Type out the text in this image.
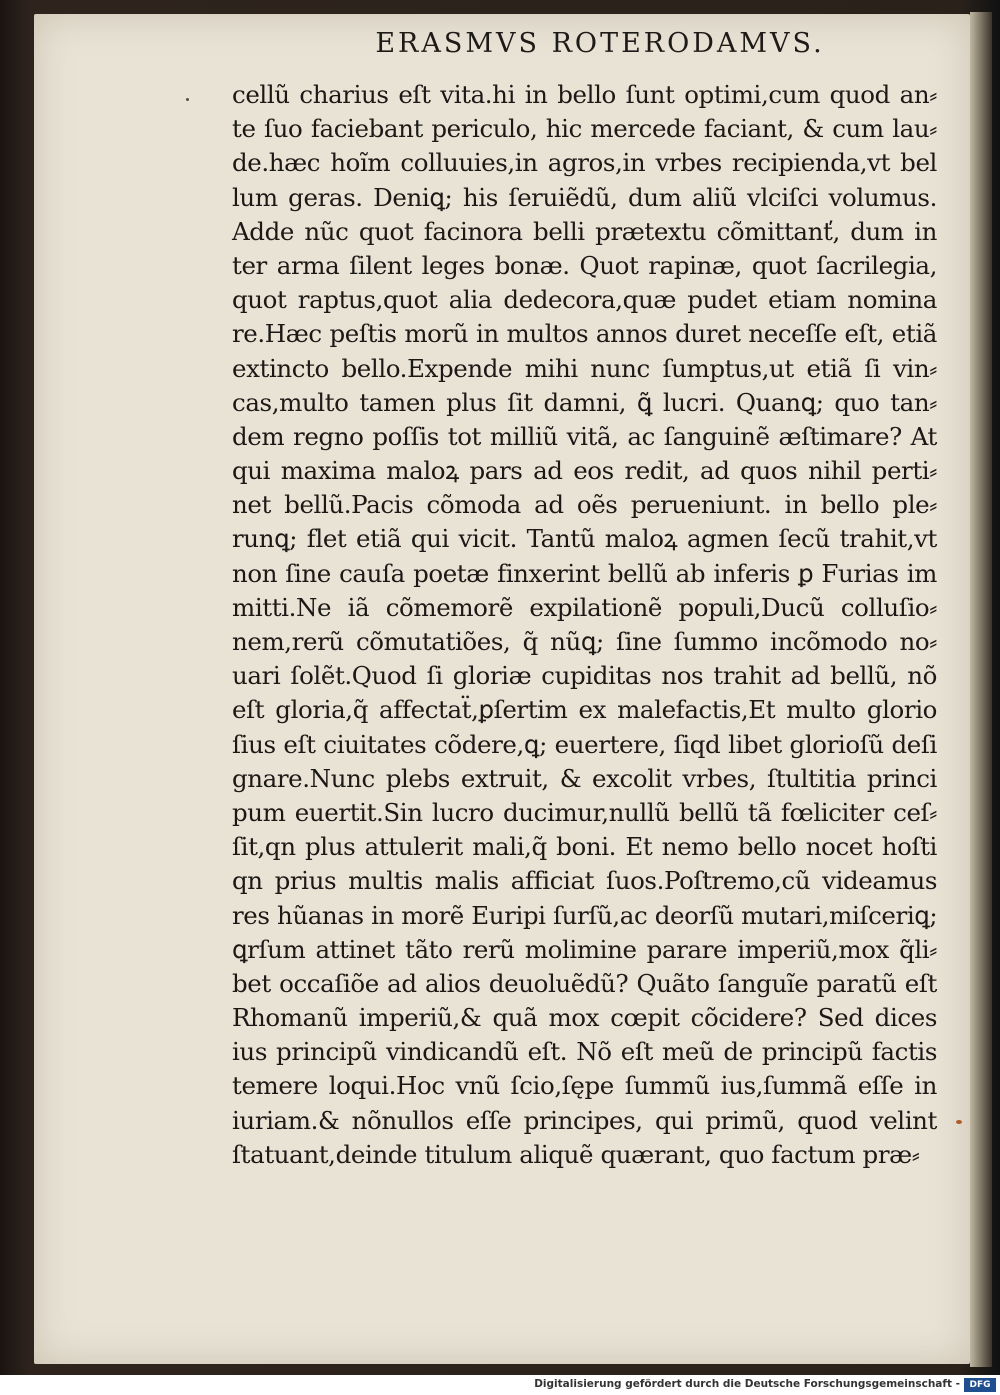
ERASMVS ROTERODAMVS.
cellũ charius eſt vita.hi in bello ſunt optimi,cum quod an⸗
te ſuo faciebant periculo, hic mercede faciant, & cum lau⸗
de.hæc hoĩm colluuies,in agros,in vrbes recipienda,vt bel
lum geras. Deniꝗ; his ſeruiẽdũ, dum aliũ vlciſci volumus.
Adde nũc quot facinora belli prætextu cõmittanť, dum in
ter arma ſilent leges bonæ. Quot rapinæ, quot ſacrilegia,
quot raptus,quot alia dedecora,quæ pudet etiam nomina
re.Hæc peſtis morũ in multos annos duret neceſſe eſt, etiã
extincto bello.Expende mihi nunc ſumptus,ut etiã ſi vin⸗
cas,multo tamen plus ſit damni, ꝗ̃ lucri. Quanꝗ; quo tan⸗
dem regno poſſis tot milliũ vitã, ac ſanguinẽ æſtimare? At
qui maxima maloꝝ pars ad eos redit, ad quos nihil perti⸗
net bellũ.Pacis cõmoda ad oẽs perueniunt. in bello ple⸗
runꝗ; flet etiã qui vicit. Tantũ maloꝝ agmen ſecũ trahit,vt
non ſine cauſa poetæ finxerint bellũ ab inferis ꝑ Furias im
mitti.Ne iã cõmemorẽ expilationẽ populi,Ducũ colluſio⸗
nem,rerũ cõmutatiões, q̃ nũꝗ; ſine ſummo incõmodo no⸗
uari ſolẽt.Quod ſi gloriæ cupiditas nos trahit ad bellũ, nõ
eſt gloria,q̃ affectaẗ,ꝑſertim ex malefactis,Et multo glorio
ſius eſt ciuitates cõdere,ꝗ; euertere, ſiqd libet glorioſũ deſi
gnare.Nunc plebs extruit, & excolit vrbes, ſtultitia princi
pum euertit.Sin lucro ducimur,nullũ bellũ tã fœliciter ceſ⸗
ſit,qn plus attulerit mali,q̃ boni. Et nemo bello nocet hoſti
qn prius multis malis afficiat ſuos.Poſtremo,cũ videamus
res hũanas in morẽ Euripi ſurſũ,ac deorſũ mutari,miſceriꝗ;
ꝗrſum attinet tãto rerũ molimine parare imperiũ,mox q̃li⸗
bet occaſiõe ad alios deuoluẽdũ? Quãto ſanguĩe paratũ eſt
Rhomanũ imperiũ,& quã mox cœpit cõcidere? Sed dices
ius principũ vindicandũ eſt. Nõ eſt meũ de principũ factis
temere loqui.Hoc vnũ ſcio,ſępe ſummũ ius,ſummã eſſe in
iuriam.& nõnullos eſſe principes, qui primũ, quod velint
ſtatuant,deinde titulum aliquẽ quærant, quo factum præ⸗
Digitalisierung gefördert durch die Deutsche Forschungsgemeinschaft -	DFG
